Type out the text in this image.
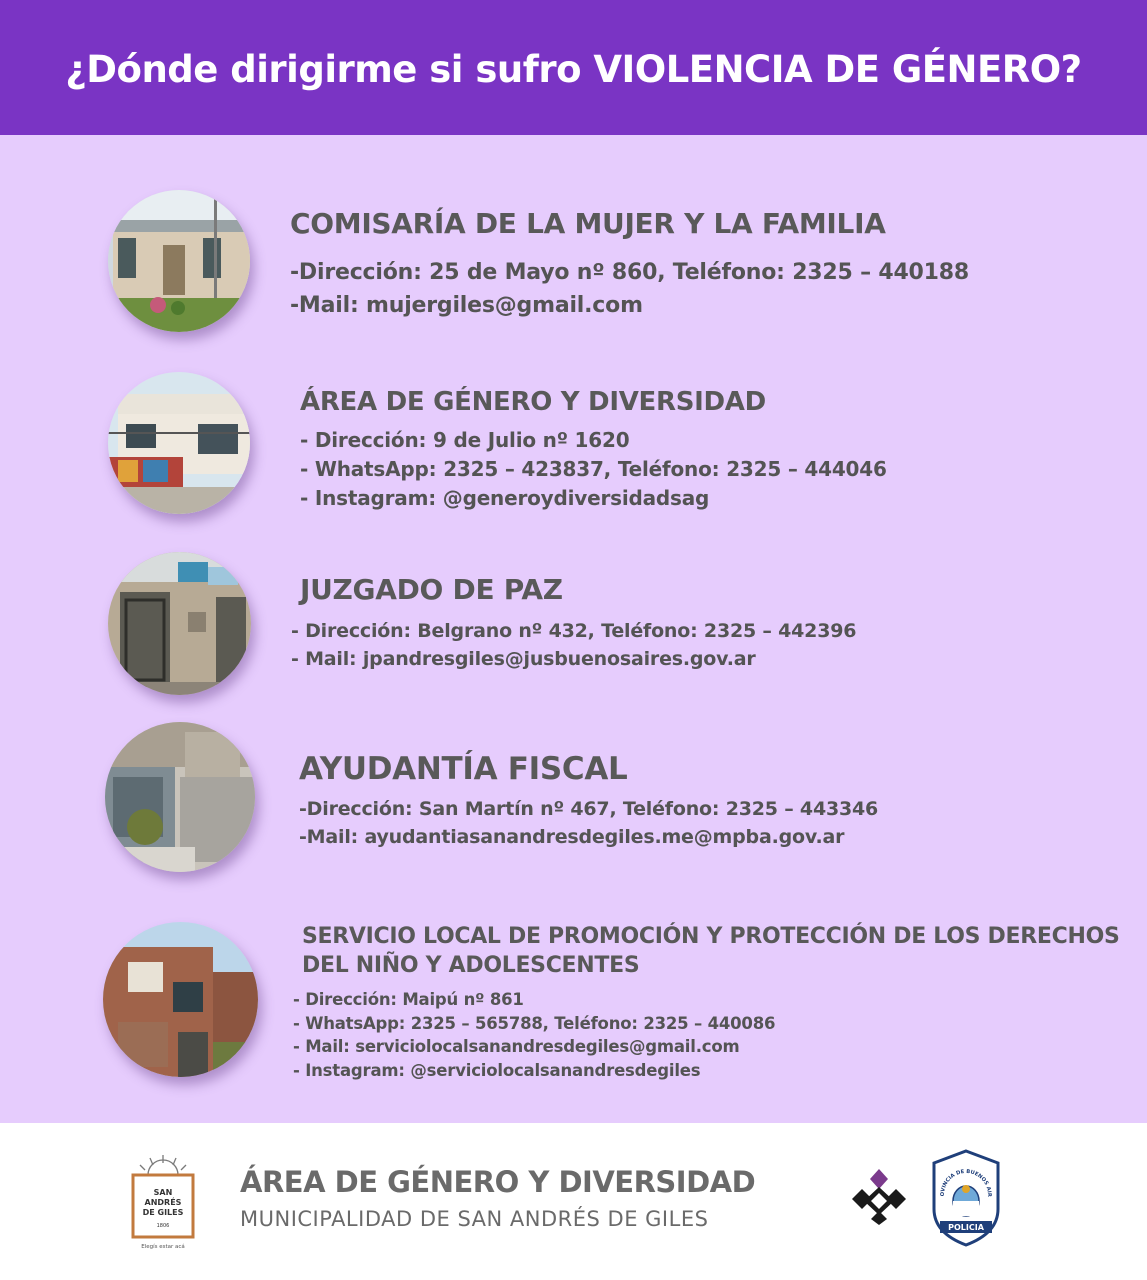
¿Dónde dirigirme si sufro VIOLENCIA DE GÉNERO?
COMISARÍA DE LA MUJER Y LA FAMILIA
-Dirección: 25 de Mayo nº 860, Teléfono: 2325 – 440188
-Mail: mujergiles@gmail.com
ÁREA DE GÉNERO Y DIVERSIDAD
- Dirección: 9 de Julio nº 1620
- WhatsApp: 2325 – 423837, Teléfono: 2325 – 444046
- Instagram: @generoydiversidadsag
JUZGADO DE PAZ
- Dirección: Belgrano nº 432, Teléfono: 2325 – 442396
- Mail: jpandresgiles@jusbuenosaires.gov.ar
AYUDANTÍA FISCAL
-Dirección: San Martín nº 467, Teléfono: 2325 – 443346
-Mail: ayudantiasanandresdegiles.me@mpba.gov.ar
SERVICIO LOCAL DE PROMOCIÓN Y PROTECCIÓN DE LOS DERECHOS
DEL NIÑO Y ADOLESCENTES
- Dirección: Maipú nº 861
- WhatsApp: 2325 – 565788, Teléfono: 2325 – 440086
- Mail: serviciolocalsanandresdegiles@gmail.com
- Instagram: @serviciolocalsanandresdegiles
SAN
ANDRÉS
DE GILES
1806
Elegís estar acá
ÁREA DE GÉNERO Y DIVERSIDAD
MUNICIPALIDAD DE SAN ANDRÉS DE GILES
OVINCIA DE BUENOS AIR
POLICIA
